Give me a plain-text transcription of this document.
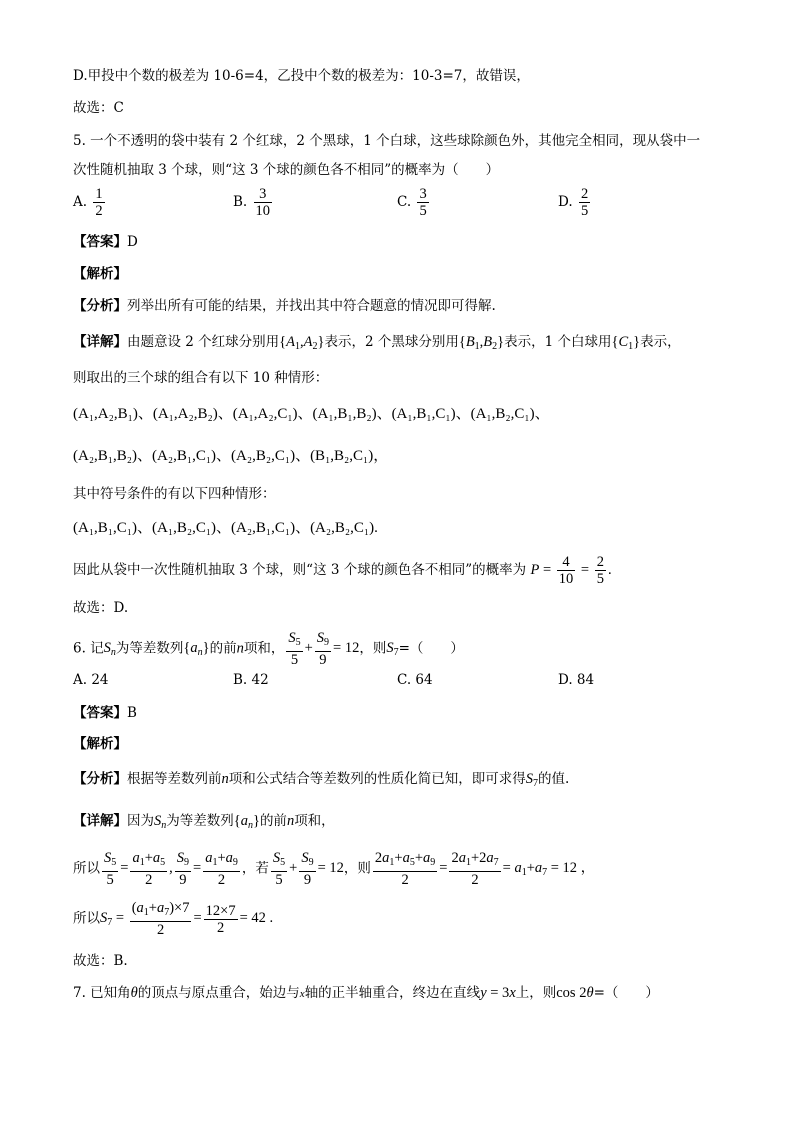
D.甲投中个数的极差为 10-6=4，乙投中个数的极差为：10-3=7，故错误，
故选：C
5. 一个不透明的袋中装有 2 个红球，2 个黑球，1 个白球，这些球除颜色外，其他完全相同，现从袋中一
次性随机抽取 3 个球，则“这 3 个球的颜色各不相同”的概率为（　　）
A. $\frac{1}{2}$	B. $\frac{3}{10}$	C. $\frac{3}{5}$	D. $\frac{2}{5}$
【答案】D
【解析】
【分析】列举出所有可能的结果，并找出其中符合题意的情况即可得解.
【详解】由题意设 2 个红球分别用$\{A_1,A_2\}$表示，2 个黑球分别用$\{B_1,B_2\}$表示，1 个白球用$\{C_1\}$表示，
则取出的三个球的组合有以下 10 种情形：
(A₁,A₂,B₁)、(A₁,A₂,B₂)、(A₁,A₂,C₁)、(A₁,B₁,B₂)、(A₁,B₁,C₁)、(A₁,B₂,C₁)、
(A₂,B₁,B₂)、(A₂,B₁,C₁)、(A₂,B₂,C₁)、(B₁,B₂,C₁)，
其中符号条件的有以下四种情形：
(A₁,B₁,C₁)、(A₁,B₂,C₁)、(A₂,B₁,C₁)、(A₂,B₂,C₁).
因此从袋中一次性随机抽取 3 个球，则“这 3 个球的颜色各不相同”的概率为 $P = \frac{4}{10} = \frac{2}{5}$ .
故选：D.
6. 记$S_n$为等差数列$\{a_n\}$的前n项和， $\frac{S_5}{5} + \frac{S_9}{9} = 12$，则$S_7=$（　　）
A. 24	B. 42	C. 64	D. 84
【答案】B
【解析】
【分析】根据等差数列前n项和公式结合等差数列的性质化简已知，即可求得$S_7$的值.
【详解】因为$S_n$为等差数列$\{a_n\}$的前n项和，
所以 $\frac{S_5}{5} = \frac{a_1+a_5}{2}$ , $\frac{S_9}{9} = \frac{a_1+a_9}{2}$ ，若 $\frac{S_5}{5} + \frac{S_9}{9} = 12$，则 $\frac{2a_1+a_5+a_9}{2} = \frac{2a_1+2a_7}{2} = a_1+a_7 = 12$ ，
所以$S_7 = \frac{(a_1+a_7)\times 7}{2} = \frac{12\times 7}{2} = 42$ .
故选：B.
7. 已知角θ的顶点与原点重合，始边与x轴的正半轴重合，终边在直线y = 3x上，则cos 2θ=（　　）
